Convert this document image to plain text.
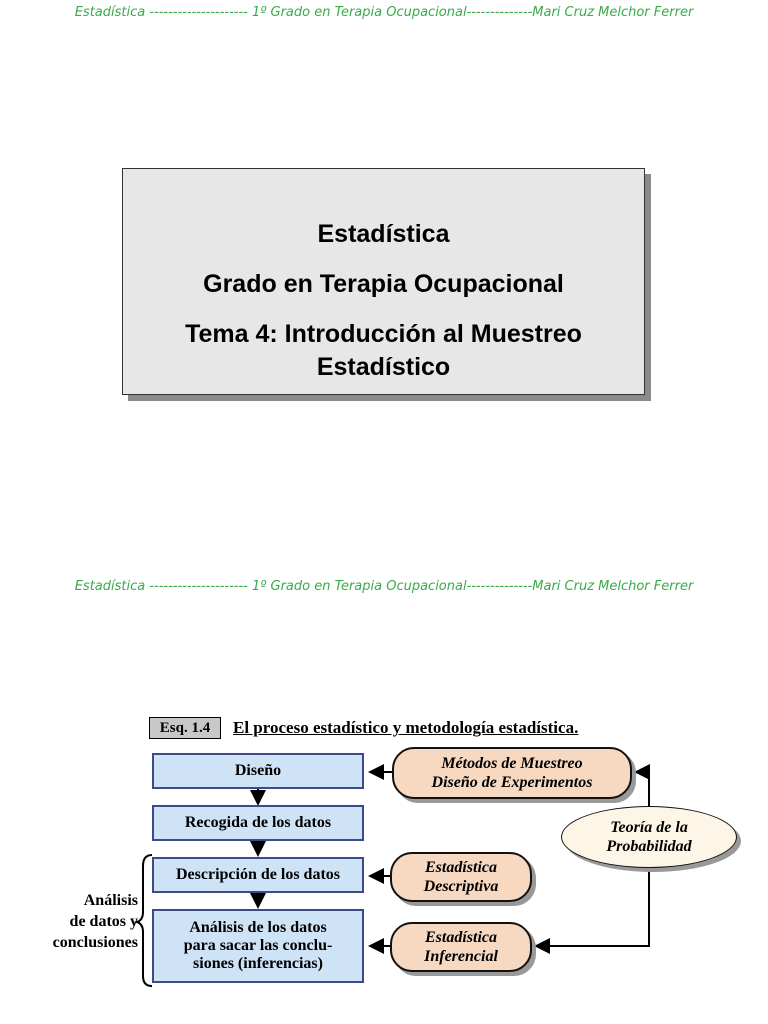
Estadística --------------------- 1º Grado en Terapia Ocupacional--------------Mari Cruz Melchor Ferrer
Estadística
Grado en Terapia Ocupacional
Tema 4: Introducción al Muestreo
Estadístico
Estadística --------------------- 1º Grado en Terapia Ocupacional--------------Mari Cruz Melchor Ferrer
Esq. 1.4	El proceso estadístico y metodología estadística.
Diseño
Recogida de los datos
Descripción de los datos
Análisis de los datos
para sacar las conclu-
siones (inferencias)
Métodos de Muestreo
Diseño de Experimentos
Estadística
Descriptiva
Estadística
Inferencial
Teoría de la
Probabilidad
Análisis
de datos y
conclusiones
